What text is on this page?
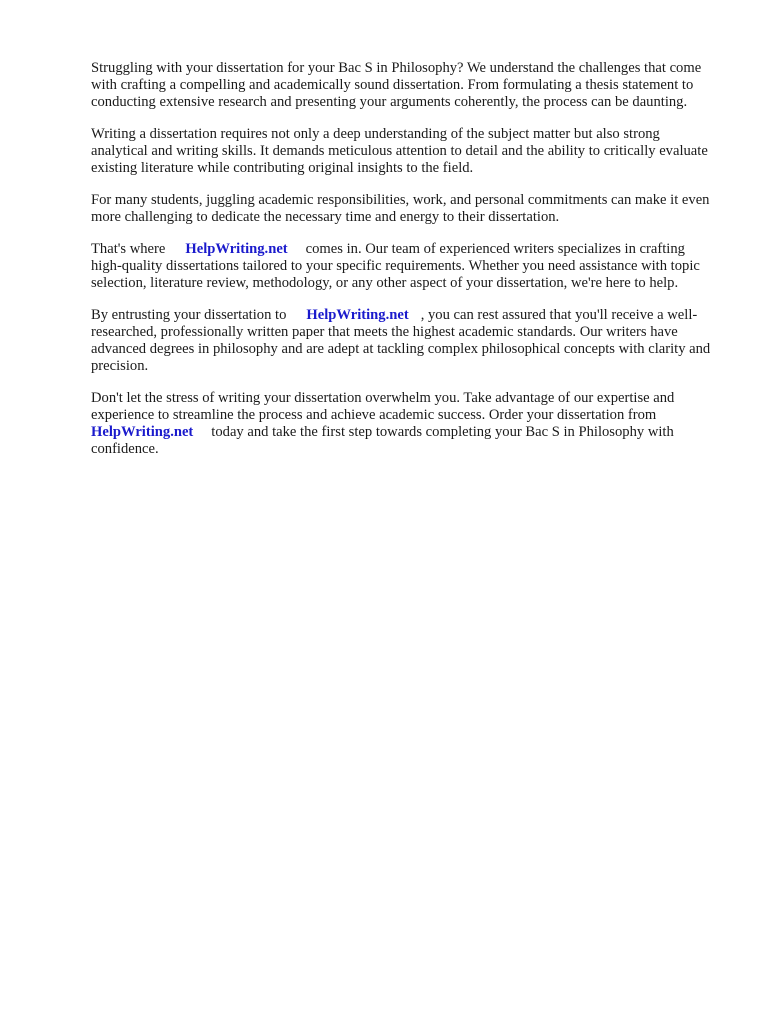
Struggling with your dissertation for your Bac S in Philosophy? We understand the challenges that come with crafting a compelling and academically sound dissertation. From formulating a thesis statement to conducting extensive research and presenting your arguments coherently, the process can be daunting.

Writing a dissertation requires not only a deep understanding of the subject matter but also strong analytical and writing skills. It demands meticulous attention to detail and the ability to critically evaluate existing literature while contributing original insights to the field.

For many students, juggling academic responsibilities, work, and personal commitments can make it even more challenging to dedicate the necessary time and energy to their dissertation.

That's where HelpWriting.net comes in. Our team of experienced writers specializes in crafting high-quality dissertations tailored to your specific requirements. Whether you need assistance with topic selection, literature review, methodology, or any other aspect of your dissertation, we're here to help.

By entrusting your dissertation to HelpWriting.net , you can rest assured that you'll receive a well-researched, professionally written paper that meets the highest academic standards. Our writers have advanced degrees in philosophy and are adept at tackling complex philosophical concepts with clarity and precision.

Don't let the stress of writing your dissertation overwhelm you. Take advantage of our expertise and experience to streamline the process and achieve academic success. Order your dissertation from HelpWriting.net today and take the first step towards completing your Bac S in Philosophy with confidence.
